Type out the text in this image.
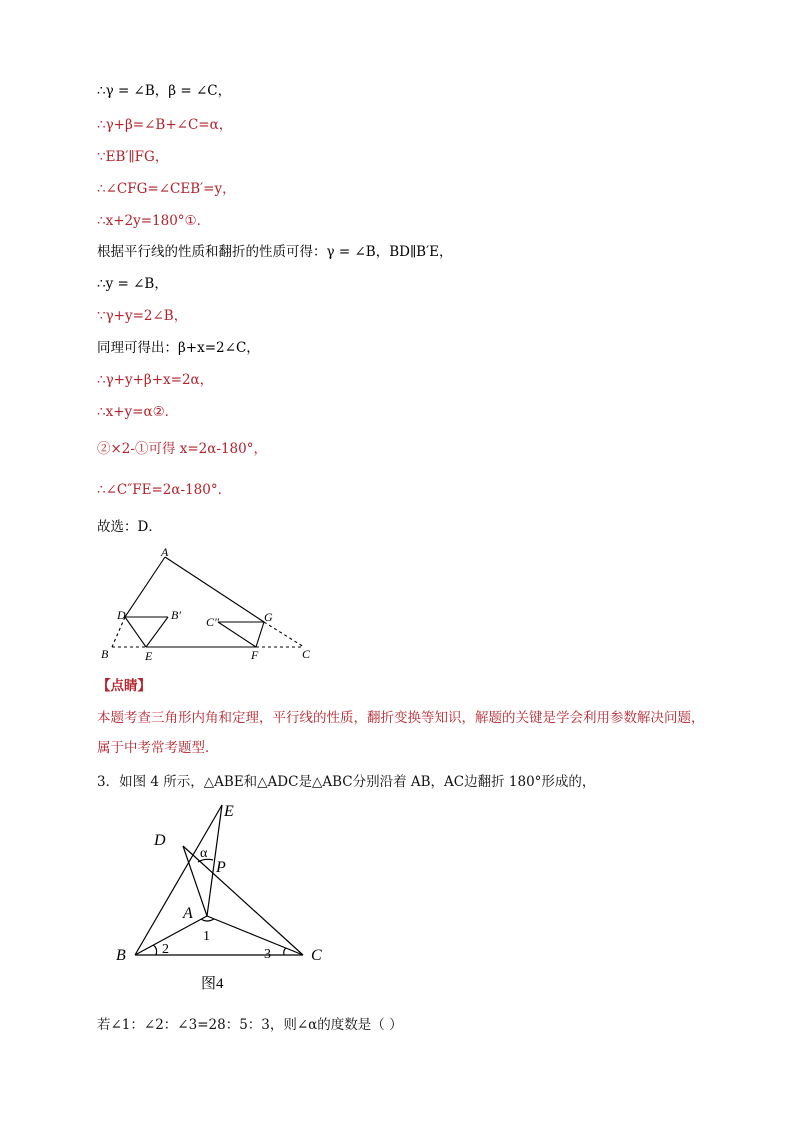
∴γ = ∠B，β = ∠C，
∴γ+β=∠B+∠C=α，
∵EB′∥FG，
∴∠CFG=∠CEB′=y，
∴x+2y=180°①．
根据平行线的性质和翻折的性质可得：γ = ∠B，BD∥B′E，
∴y = ∠B，
∵γ+y=2∠B，
同理可得出：β+x=2∠C，
∴γ+y+β+x=2α，
∴x+y=α②．
②×2-①可得 x=2α-180°，
∴∠C″FE=2α-180°．
故选：D．
A
D	B′ C″	G
B	E	F	C
【点睛】
本题考查三角形内角和定理，平行线的性质，翻折变换等知识，解题的关键是学会利用参数解决问题，属于中考常考题型．
3．如图 4 所示，△ABE和△ADC是△ABC分别沿着 AB，AC边翻折 180°形成的，
E
D
P
A
B	C
α
1
2	3
图4
若∠1：∠2：∠3=28：5：3，则∠α的度数是（ ）
